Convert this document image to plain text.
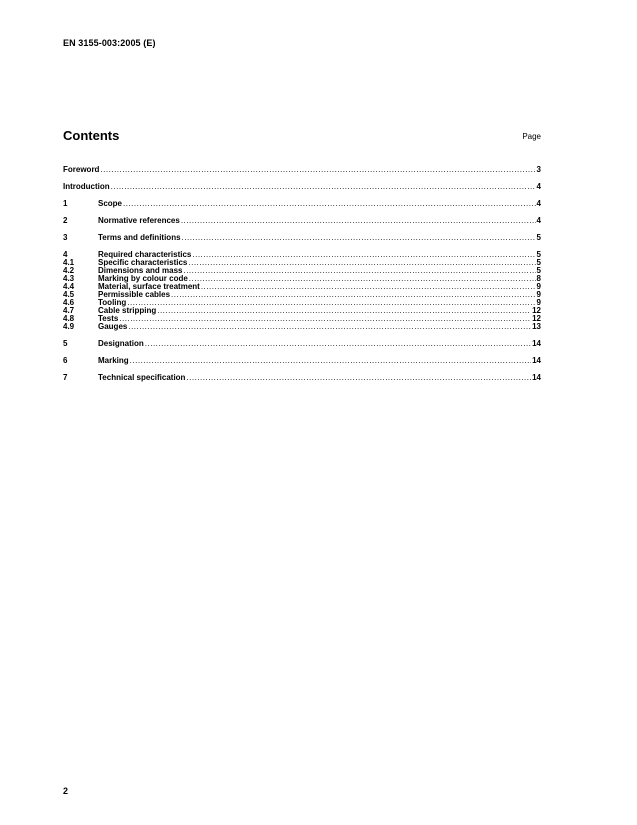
EN 3155-003:2005 (E)
Contents	Page
Foreword .....	3
Introduction .....	4
1	Scope .....	4
2	Normative references .....	4
3	Terms and definitions .....	5
4	Required characteristics .....	5
4.1	Specific characteristics .....	5
4.2	Dimensions and mass .....	5
4.3	Marking by colour code .....	8
4.4	Material, surface treatment .....	9
4.5	Permissible cables .....	9
4.6	Tooling .....	9
4.7	Cable stripping .....	12
4.8	Tests .....	12
4.9	Gauges .....	13
5	Designation .....	14
6	Marking .....	14
7	Technical specification .....	14
2
